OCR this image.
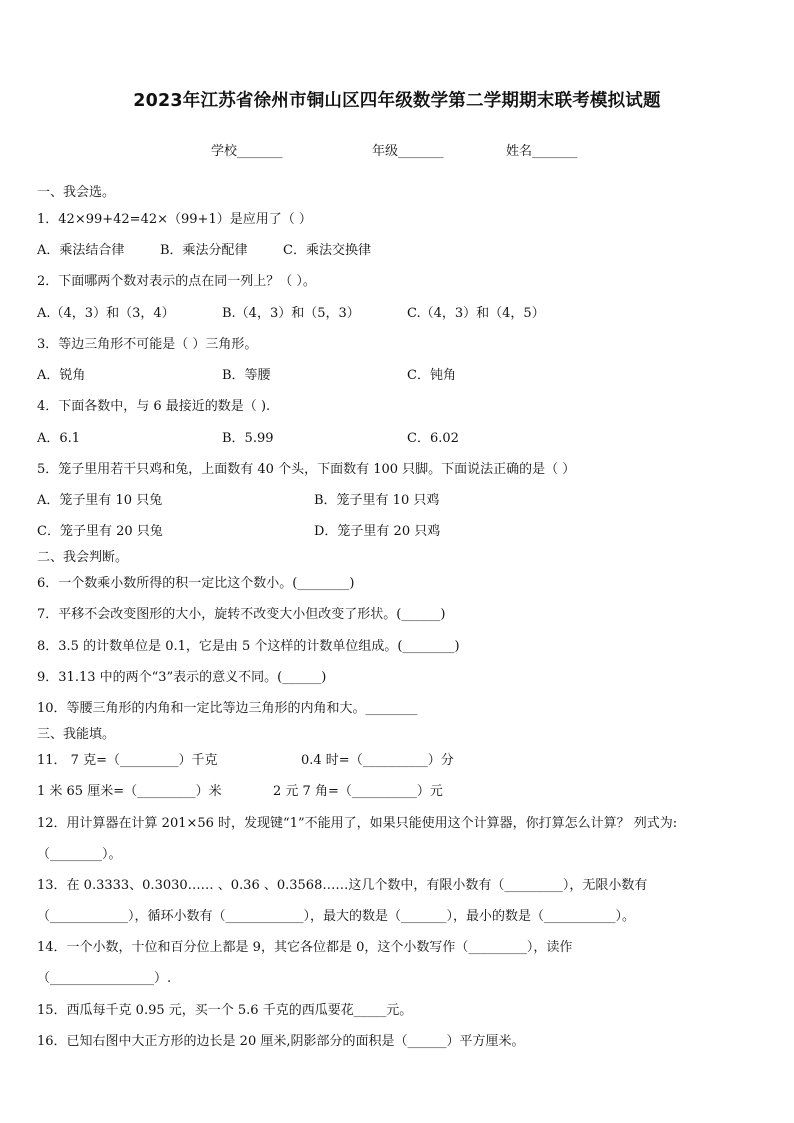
2023年江苏省徐州市铜山区四年级数学第二学期期末联考模拟试题
学校_______	年级_______	姓名_______
一、我会选。
1．42×99+42=42×（99+1）是应用了（ ）
A．乘法结合律	B．乘法分配律	C．乘法交换律
2．下面哪两个数对表示的点在同一列上？（ ）。
A.（4，3）和（3，4）	B.（4，3）和（5，3）	C.（4，3）和（4，5）
3．等边三角形不可能是（ ）三角形。
A．锐角	B．等腰	C．钝角
4．下面各数中，与 6 最接近的数是（ ).
A．6.1	B．5.99	C．6.02
5．笼子里用若干只鸡和兔，上面数有 40 个头，下面数有 100 只脚。下面说法正确的是（ ）
A．笼子里有 10 只兔	B．笼子里有 10 只鸡
C．笼子里有 20 只兔	D．笼子里有 20 只鸡
二、我会判断。
6．一个数乘小数所得的积一定比这个数小。(________)
7．平移不会改变图形的大小，旋转不改变大小但改变了形状。(______)
8．3.5 的计数单位是 0.1，它是由 5 个这样的计数单位组成。(________)
9．31.13 中的两个“3”表示的意义不同。(______)
10．等腰三角形的内角和一定比等边三角形的内角和大。________
三、我能填。
11． 7 克=（_________）千克	0.4 时=（__________）分
1 米 65 厘米=（_________）米	2 元 7 角=（__________）元
12．用计算器在计算 201×56 时，发现键“1”不能用了，如果只能使用这个计算器，你打算怎么计算？ 列式为:
（________）。
13．在 0.3333、0.3030…… 、0.36 、0.3568……这几个数中，有限小数有（_________），无限小数有
（____________），循环小数有（____________），最大的数是（_______），最小的数是（___________）。
14．一个小数，十位和百分位上都是 9，其它各位都是 0，这个小数写作（_________），读作
（________________）.
15．西瓜每千克 0.95 元，买一个 5.6 千克的西瓜要花_____元。
16．已知右图中大正方形的边长是 20 厘米,阴影部分的面积是（______）平方厘米。
